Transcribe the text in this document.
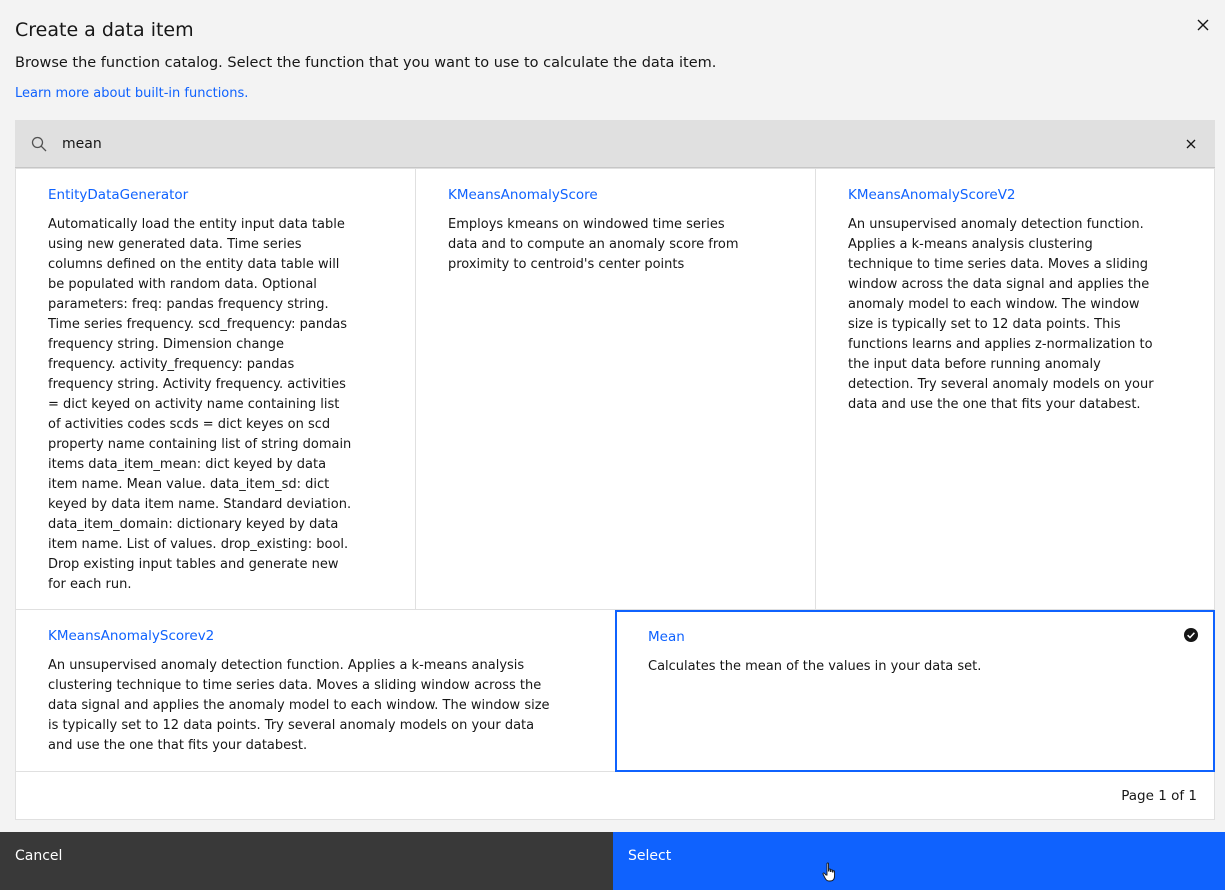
Create a data item
Browse the function catalog. Select the function that you want to use to calculate the data item.
Learn more about built-in functions.
mean
EntityDataGenerator
Automatically load the entity input data table using new generated data. Time series columns defined on the entity data table will be populated with random data. Optional parameters: freq: pandas frequency string. Time series frequency. scd_frequency: pandas frequency string. Dimension change frequency. activity_frequency: pandas frequency string. Activity frequency. activities = dict keyed on activity name containing list of activities codes scds = dict keyes on scd property name containing list of string domain items data_item_mean: dict keyed by data item name. Mean value. data_item_sd: dict keyed by data item name. Standard deviation. data_item_domain: dictionary keyed by data item name. List of values. drop_existing: bool. Drop existing input tables and generate new for each run.
KMeansAnomalyScore
Employs kmeans on windowed time series data and to compute an anomaly score from proximity to centroid's center points
KMeansAnomalyScoreV2
An unsupervised anomaly detection function. Applies a k-means analysis clustering technique to time series data. Moves a sliding window across the data signal and applies the anomaly model to each window. The window size is typically set to 12 data points. This functions learns and applies z-normalization to the input data before running anomaly detection. Try several anomaly models on your data and use the one that fits your databest.
KMeansAnomalyScorev2
An unsupervised anomaly detection function. Applies a k-means analysis clustering technique to time series data. Moves a sliding window across the data signal and applies the anomaly model to each window. The window size is typically set to 12 data points. Try several anomaly models on your data and use the one that fits your databest.
Mean
Calculates the mean of the values in your data set.
Page 1 of 1
Cancel	Select
